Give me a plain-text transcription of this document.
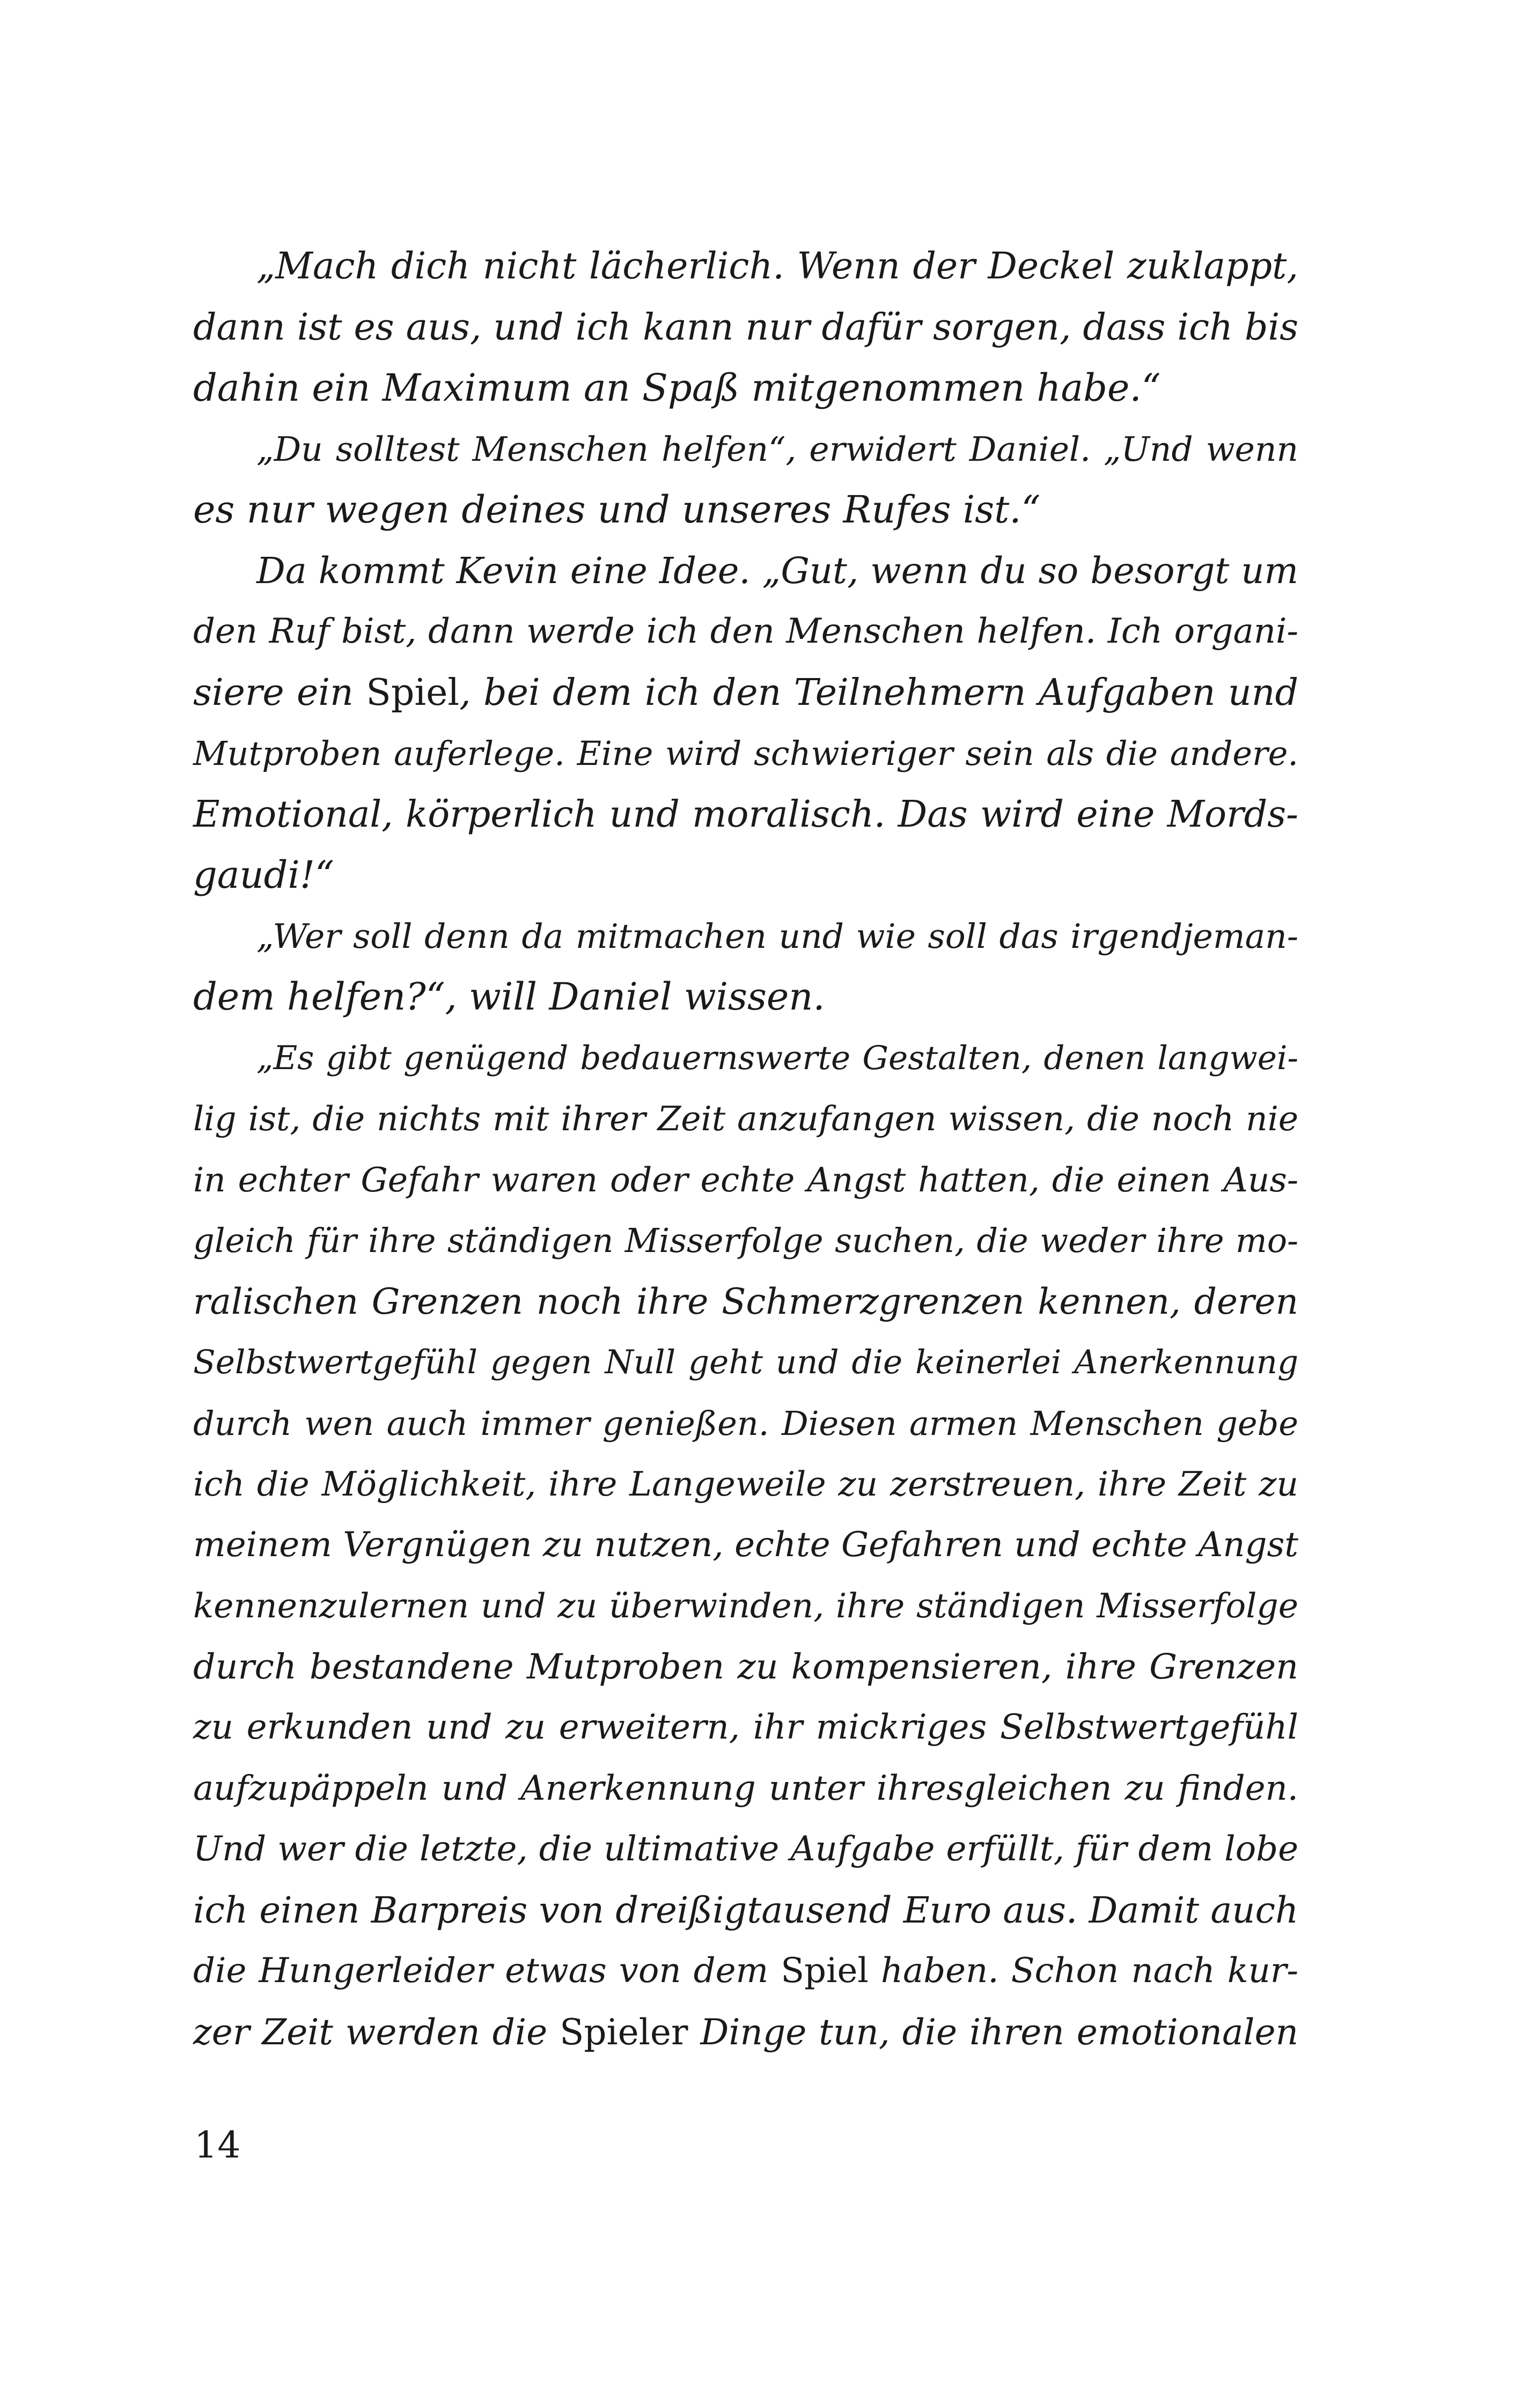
„Mach dich nicht lächerlich. Wenn der Deckel zuklappt,
dann ist es aus, und ich kann nur dafür sorgen, dass ich bis
dahin ein Maximum an Spaß mitgenommen habe.“
„Du solltest Menschen helfen“, erwidert Daniel. „Und wenn
es nur wegen deines und unseres Rufes ist.“
Da kommt Kevin eine Idee. „Gut, wenn du so besorgt um
den Ruf bist, dann werde ich den Menschen helfen. Ich organi-
siere ein Spiel, bei dem ich den Teilnehmern Aufgaben und
Mutproben auferlege. Eine wird schwieriger sein als die andere.
Emotional, körperlich und moralisch. Das wird eine Mords-
gaudi!“
„Wer soll denn da mitmachen und wie soll das irgendjeman-
dem helfen?“, will Daniel wissen.
„Es gibt genügend bedauernswerte Gestalten, denen langwei-
lig ist, die nichts mit ihrer Zeit anzufangen wissen, die noch nie
in echter Gefahr waren oder echte Angst hatten, die einen Aus-
gleich für ihre ständigen Misserfolge suchen, die weder ihre mo-
ralischen Grenzen noch ihre Schmerzgrenzen kennen, deren
Selbstwertgefühl gegen Null geht und die keinerlei Anerkennung
durch wen auch immer genießen. Diesen armen Menschen gebe
ich die Möglichkeit, ihre Langeweile zu zerstreuen, ihre Zeit zu
meinem Vergnügen zu nutzen, echte Gefahren und echte Angst
kennenzulernen und zu überwinden, ihre ständigen Misserfolge
durch bestandene Mutproben zu kompensieren, ihre Grenzen
zu erkunden und zu erweitern, ihr mickriges Selbstwertgefühl
aufzupäppeln und Anerkennung unter ihresgleichen zu finden.
Und wer die letzte, die ultimative Aufgabe erfüllt, für dem lobe
ich einen Barpreis von dreißigtausend Euro aus. Damit auch
die Hungerleider etwas von dem Spiel haben. Schon nach kur-
zer Zeit werden die Spieler Dinge tun, die ihren emotionalen
14
